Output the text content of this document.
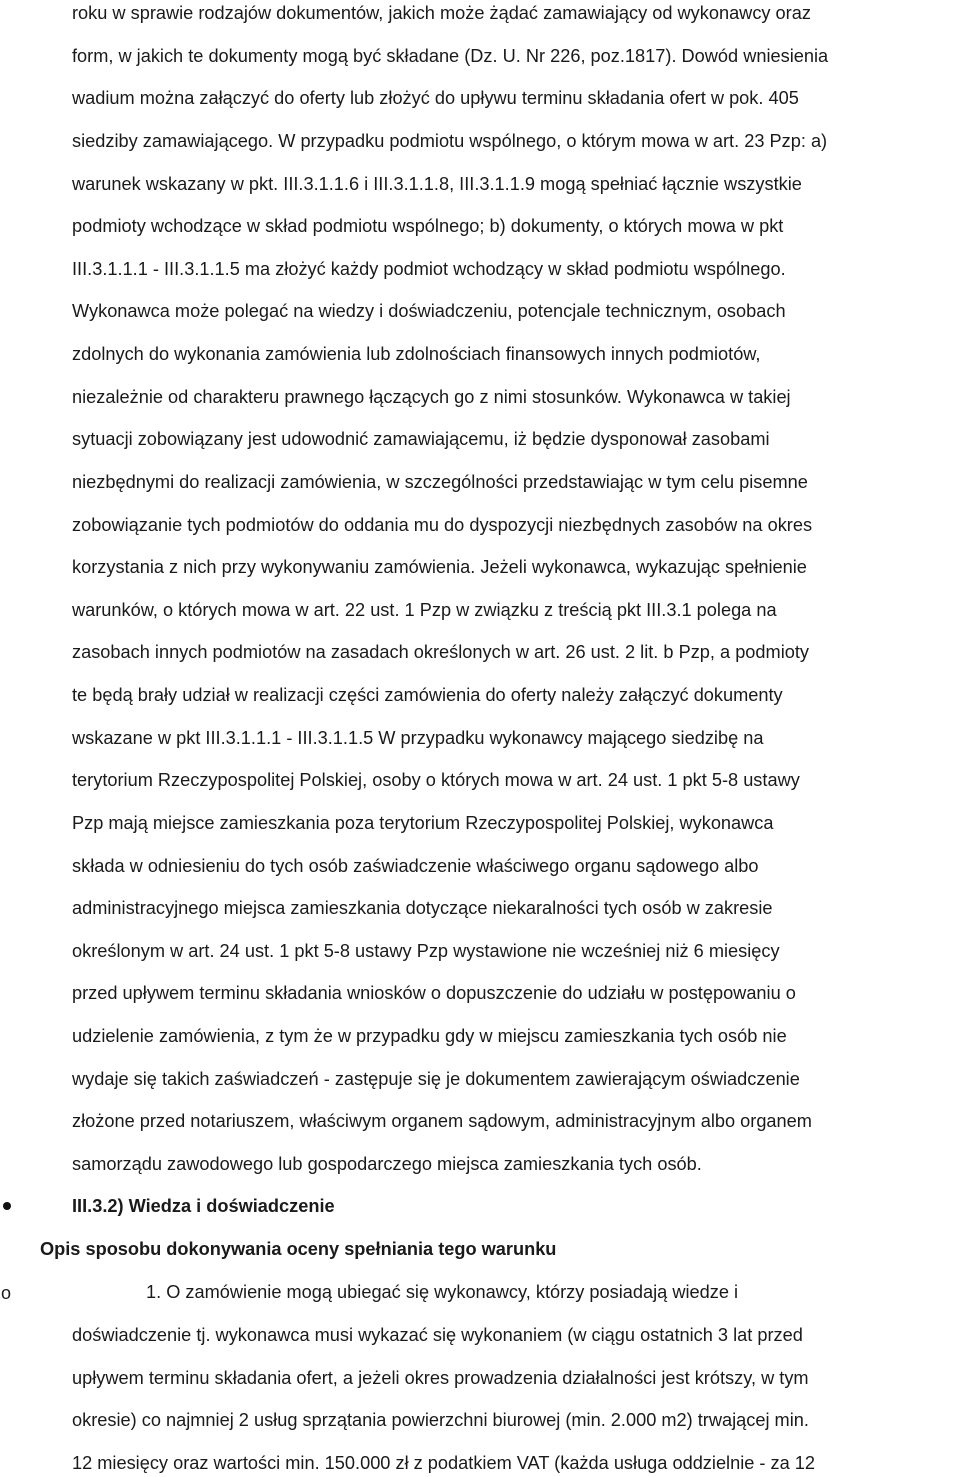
roku w sprawie rodzajów dokumentów, jakich może żądać zamawiający od wykonawcy oraz
form, w jakich te dokumenty mogą być składane (Dz. U. Nr 226, poz.1817). Dowód wniesienia
wadium można załączyć do oferty lub złożyć do upływu terminu składania ofert w pok. 405
siedziby zamawiającego. W przypadku podmiotu wspólnego, o którym mowa w art. 23 Pzp: a)
warunek wskazany w pkt. III.3.1.1.6 i III.3.1.1.8, III.3.1.1.9 mogą spełniać łącznie wszystkie
podmioty wchodzące w skład podmiotu wspólnego; b) dokumenty, o których mowa w pkt
III.3.1.1.1 - III.3.1.1.5 ma złożyć każdy podmiot wchodzący w skład podmiotu wspólnego.
Wykonawca może polegać na wiedzy i doświadczeniu, potencjale technicznym, osobach
zdolnych do wykonania zamówienia lub zdolnościach finansowych innych podmiotów,
niezależnie od charakteru prawnego łączących go z nimi stosunków. Wykonawca w takiej
sytuacji zobowiązany jest udowodnić zamawiającemu, iż będzie dysponował zasobami
niezbędnymi do realizacji zamówienia, w szczególności przedstawiając w tym celu pisemne
zobowiązanie tych podmiotów do oddania mu do dyspozycji niezbędnych zasobów na okres
korzystania z nich przy wykonywaniu zamówienia. Jeżeli wykonawca, wykazując spełnienie
warunków, o których mowa w art. 22 ust. 1 Pzp w związku z treścią pkt III.3.1 polega na
zasobach innych podmiotów na zasadach określonych w art. 26 ust. 2 lit. b Pzp, a podmioty
te będą brały udział w realizacji części zamówienia do oferty należy załączyć dokumenty
wskazane w pkt III.3.1.1.1 - III.3.1.1.5 W przypadku wykonawcy mającego siedzibę na
terytorium Rzeczypospolitej Polskiej, osoby o których mowa w art. 24 ust. 1 pkt 5-8 ustawy
Pzp mają miejsce zamieszkania poza terytorium Rzeczypospolitej Polskiej, wykonawca
składa w odniesieniu do tych osób zaświadczenie właściwego organu sądowego albo
administracyjnego miejsca zamieszkania dotyczące niekaralności tych osób w zakresie
określonym w art. 24 ust. 1 pkt 5-8 ustawy Pzp wystawione nie wcześniej niż 6 miesięcy
przed upływem terminu składania wniosków o dopuszczenie do udziału w postępowaniu o
udzielenie zamówienia, z tym że w przypadku gdy w miejscu zamieszkania tych osób nie
wydaje się takich zaświadczeń - zastępuje się je dokumentem zawierającym oświadczenie
złożone przed notariuszem, właściwym organem sądowym, administracyjnym albo organem
samorządu zawodowego lub gospodarczego miejsca zamieszkania tych osób.
III.3.2) Wiedza i doświadczenie
Opis sposobu dokonywania oceny spełniania tego warunku
o	1. O zamówienie mogą ubiegać się wykonawcy, którzy posiadają wiedze i
doświadczenie tj. wykonawca musi wykazać się wykonaniem (w ciągu ostatnich 3 lat przed
upływem terminu składania ofert, a jeżeli okres prowadzenia działalności jest krótszy, w tym
okresie) co najmniej 2 usług sprzątania powierzchni biurowej (min. 2.000 m2) trwającej min.
12 miesięcy oraz wartości min. 150.000 zł z podatkiem VAT (każda usługa oddzielnie - za 12
